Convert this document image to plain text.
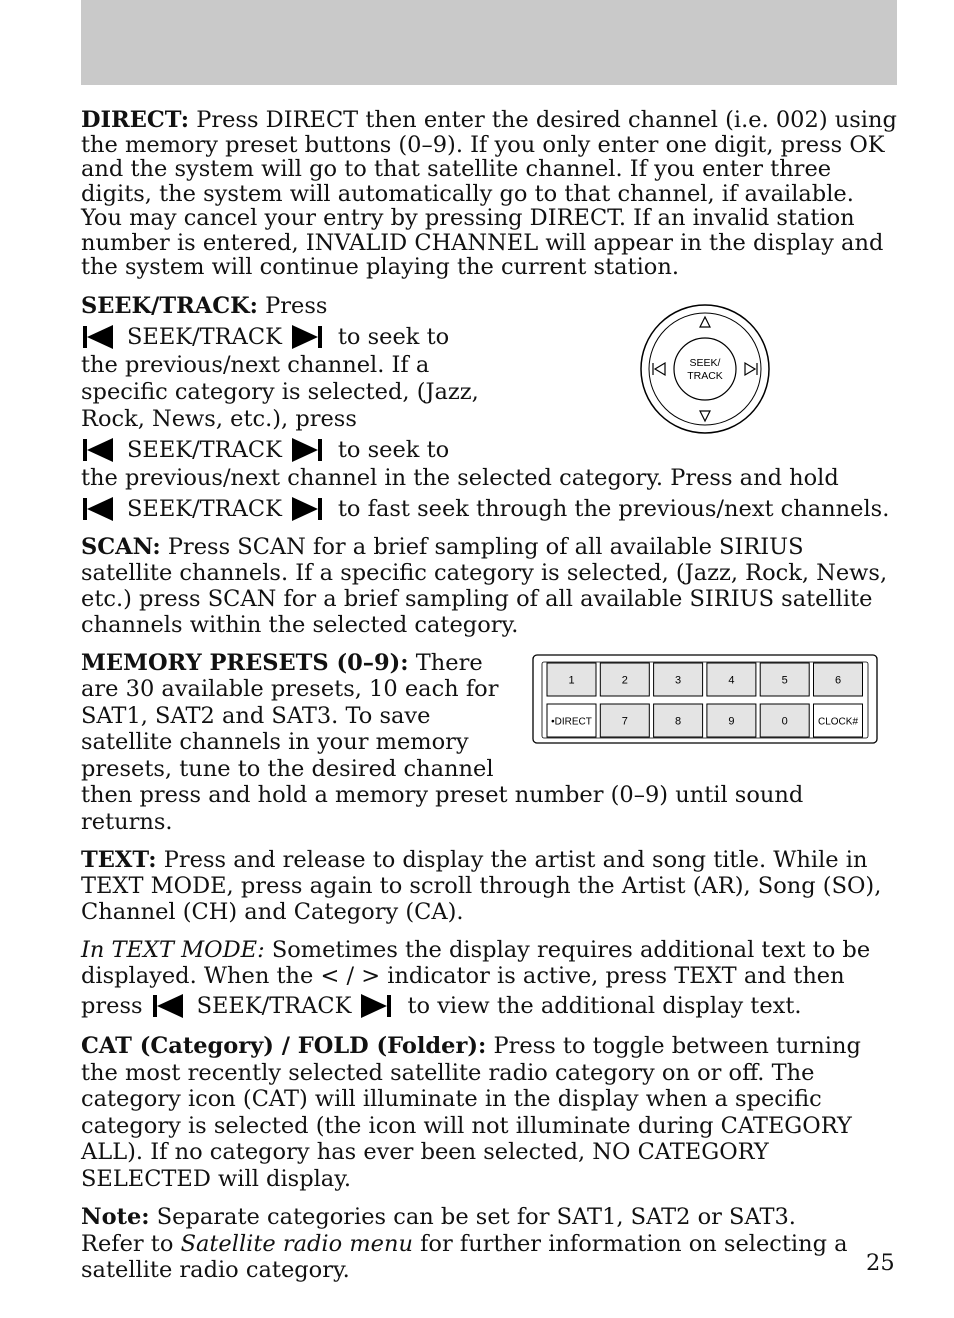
DIRECT: Press DIRECT then enter the desired channel (i.e. 002) using the memory preset buttons (0–9). If you only enter one digit, press OK and the system will go to that satellite channel. If you enter three digits, the system will automatically go to that channel, if available. You may cancel your entry by pressing DIRECT. If an invalid station number is entered, INVALID CHANNEL will appear in the display and the system will continue playing the current station.

SEEK/TRACK: Press
SEEK/TRACK to seek to
the previous/next channel. If a
specific category is selected, (Jazz,
Rock, News, etc.), press
SEEK/TRACK to seek to
the previous/next channel in the selected category. Press and hold
SEEK/TRACK to fast seek through the previous/next channels.

SCAN: Press SCAN for a brief sampling of all available SIRIUS satellite channels. If a specific category is selected, (Jazz, Rock, News, etc.) press SCAN for a brief sampling of all available SIRIUS satellite channels within the selected category.

MEMORY PRESETS (0–9): There
are 30 available presets, 10 each for
SAT1, SAT2 and SAT3. To save
satellite channels in your memory
presets, tune to the desired channel
then press and hold a memory preset number (0–9) until sound returns.

TEXT: Press and release to display the artist and song title. While in TEXT MODE, press again to scroll through the Artist (AR), Song (SO), Channel (CH) and Category (CA).

In TEXT MODE: Sometimes the display requires additional text to be displayed. When the < / > indicator is active, press TEXT and then
press SEEK/TRACK to view the additional display text.

CAT (Category) / FOLD (Folder): Press to toggle between turning the most recently selected satellite radio category on or off. The category icon (CAT) will illuminate in the display when a specific category is selected (the icon will not illuminate during CATEGORY ALL). If no category has ever been selected, NO CATEGORY SELECTED will display.

Note: Separate categories can be set for SAT1, SAT2 or SAT3.
Refer to Satellite radio menu for further information on selecting a satellite radio category.

SEEK/
TRACK
1	2	3	4	5	6
•DIRECT	7	8	9	0	CLOCK#
25
